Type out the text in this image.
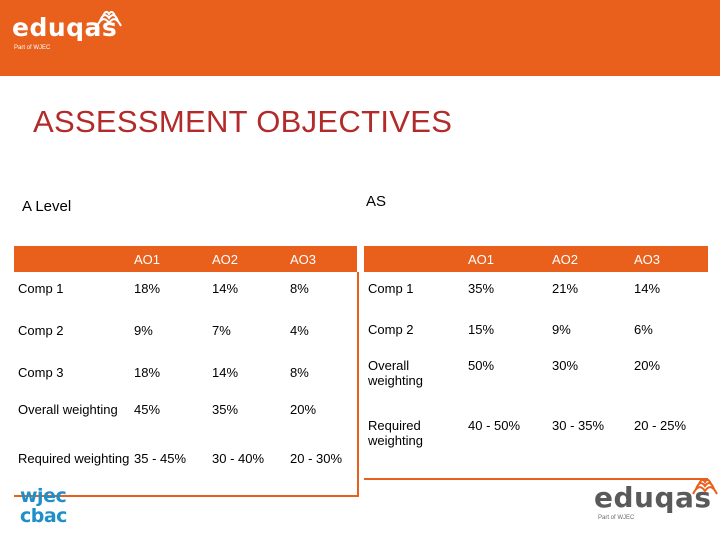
eduqas
Part of WJEC
ASSESSMENT OBJECTIVES
A Level	AS
	AO1	AO2	AO3
Comp 1	18%	14%	8%
Comp 2	9%	7%	4%
Comp 3	18%	14%	8%
Overall weighting	45%	35%	20%
Required weighting	35 - 45%	30 - 40%	20 - 30%
	AO1	AO2	AO3
Comp 1	35%	21%	14%
Comp 2	15%	9%	6%
Overall weighting	50%	30%	20%
Required weighting	40 - 50%	30 - 35%	20 - 25%
wjec
cbac
eduqas
Part of WJEC
